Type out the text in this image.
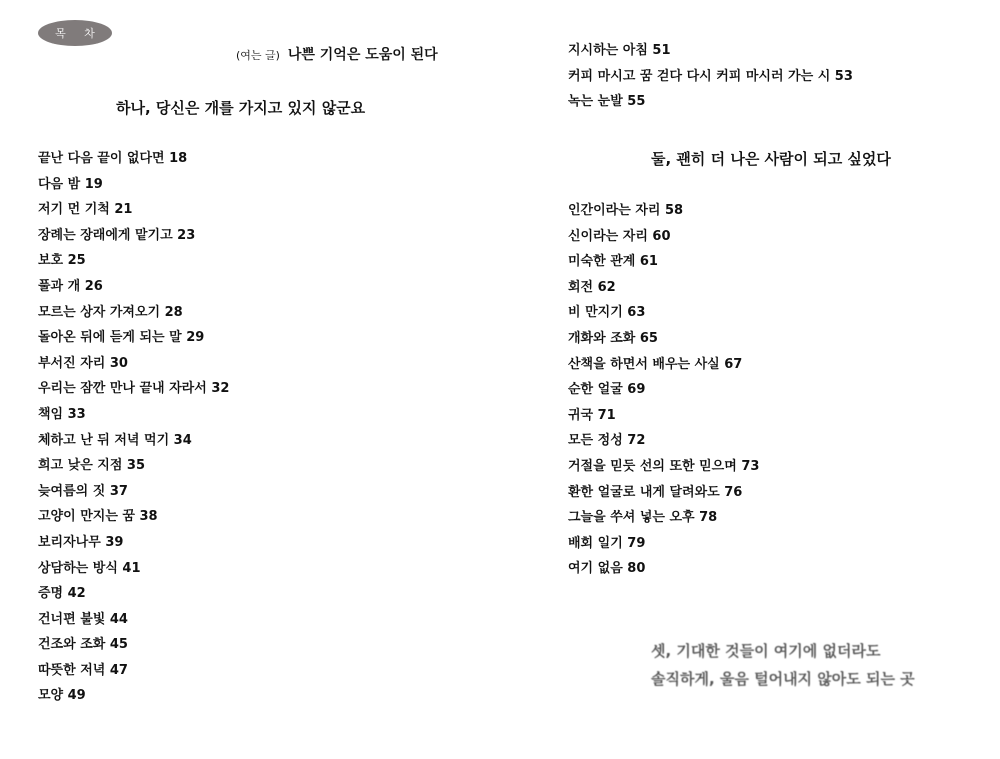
목 차
(여는 글) 나쁜 기억은 도움이 된다
하나, 당신은 개를 가지고 있지 않군요
끝난 다음 끝이 없다면 18
다음 밤 19
저기 먼 기척 21
장례는 장래에게 맡기고 23
보호 25
풀과 개 26
모르는 상자 가져오기 28
돌아온 뒤에 듣게 되는 말 29
부서진 자리 30
우리는 잠깐 만나 끝내 자라서 32
책임 33
체하고 난 뒤 저녁 먹기 34
희고 낮은 지점 35
늦여름의 짓 37
고양이 만지는 꿈 38
보리자나무 39
상담하는 방식 41
증명 42
건너편 불빛 44
건조와 조화 45
따뜻한 저녁 47
모양 49
지시하는 아침 51
커피 마시고 꿈 걷다 다시 커피 마시러 가는 시 53
녹는 눈발 55
둘, 괜히 더 나은 사람이 되고 싶었다
인간이라는 자리 58
신이라는 자리 60
미숙한 관계 61
회전 62
비 만지기 63
개화와 조화 65
산책을 하면서 배우는 사실 67
순한 얼굴 69
귀국 71
모든 정성 72
거절을 믿듯 선의 또한 믿으며 73
환한 얼굴로 내게 달려와도 76
그늘을 쑤셔 넣는 오후 78
배회 일기 79
여기 없음 80
셋, 기대한 것들이 여기에 없더라도
솔직하게, 울음 털어내지 않아도 되는 곳
